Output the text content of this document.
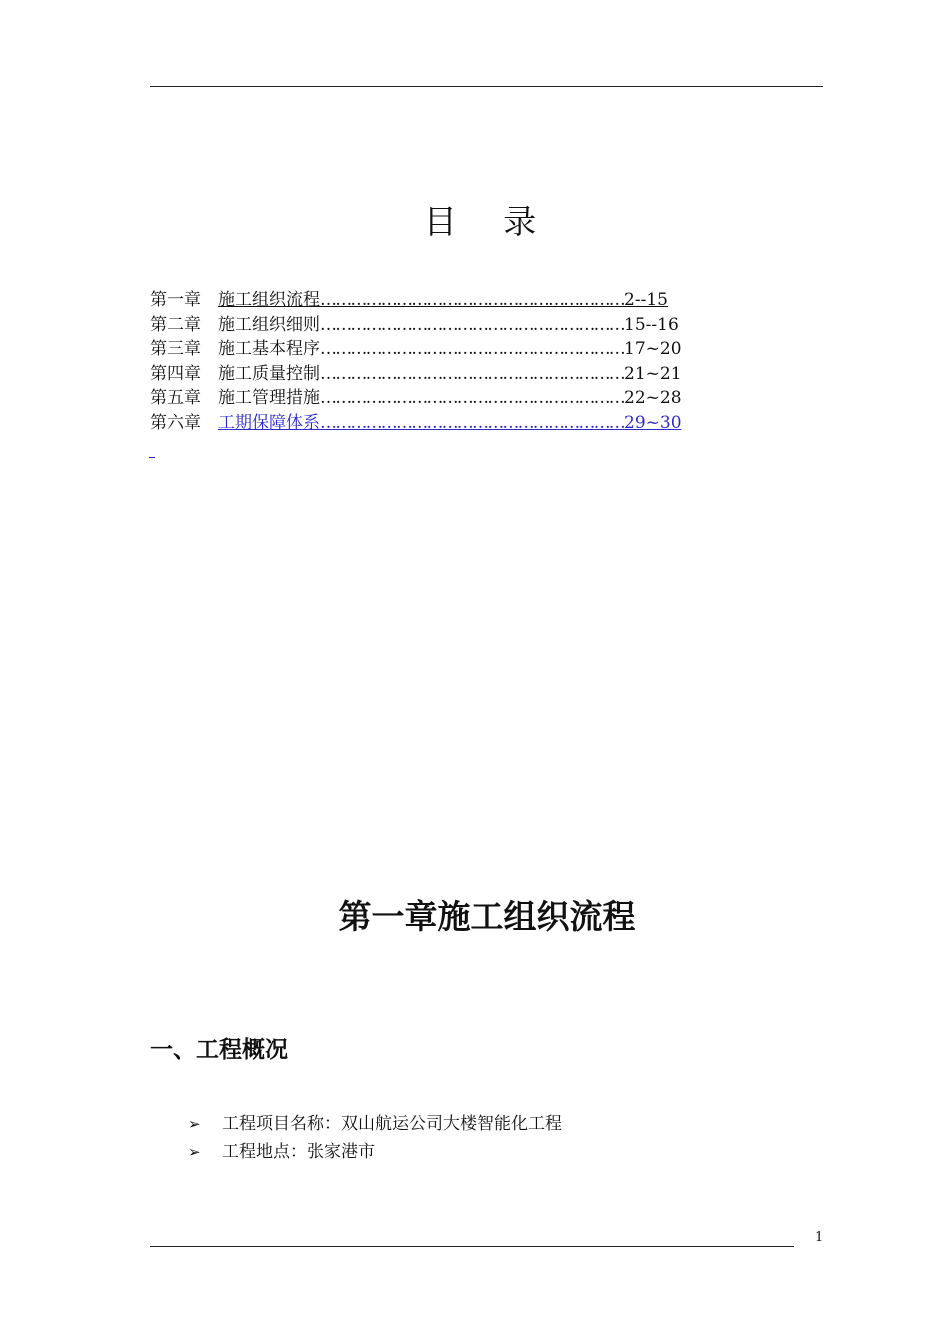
目 录
第一章	施工组织流程……………………………………………………2--15
第二章	施工组织细则……………………………………………………15--16
第三章	施工基本程序……………………………………………………17~20
第四章	施工质量控制……………………………………………………21~21
第五章	施工管理措施……………………………………………………22~28
第六章	工期保障体系……………………………………………………29~30
第一章施工组织流程
一、工程概况
➢ 工程项目名称：双山航运公司大楼智能化工程
➢ 工程地点：张家港市
1
